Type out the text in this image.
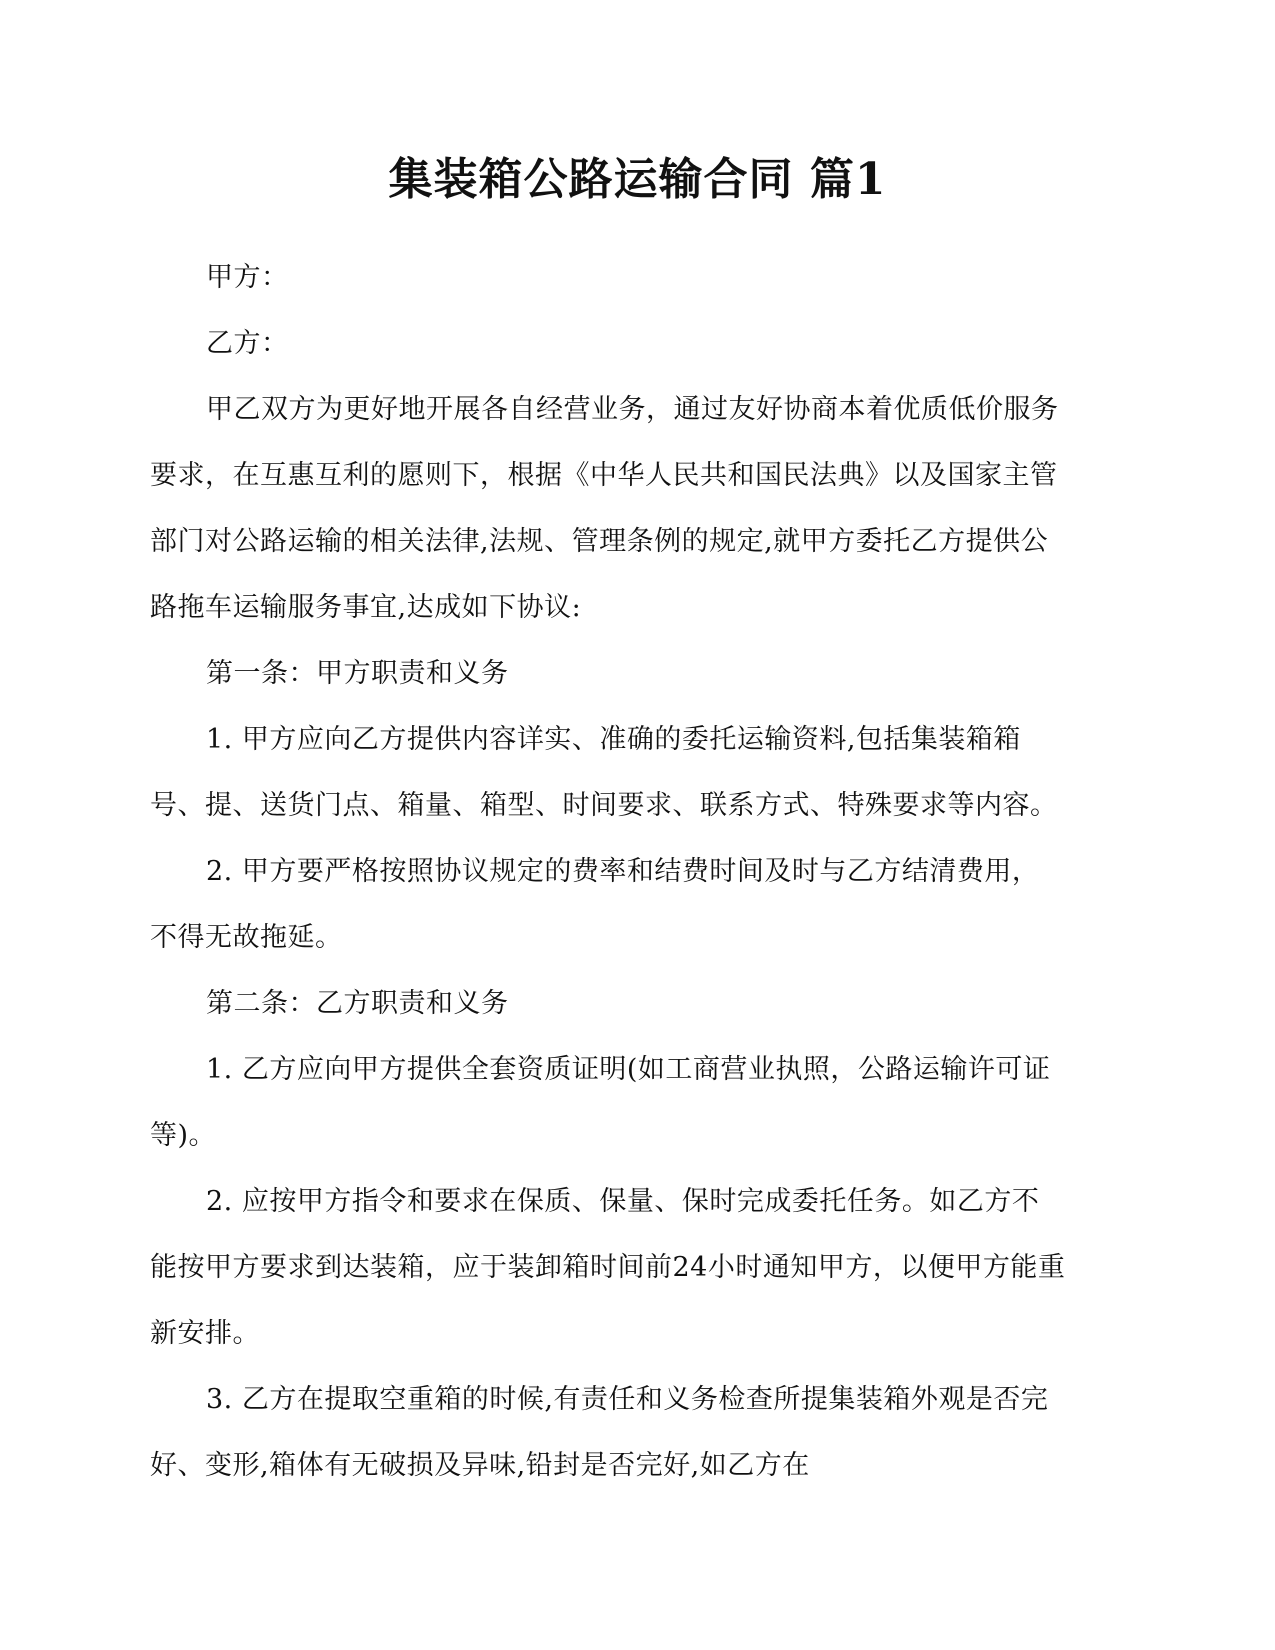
集装箱公路运输合同 篇1

甲方：

乙方：

甲乙双方为更好地开展各自经营业务，通过友好协商本着优质低价服务
要求，在互惠互利的愿则下，根据《中华人民共和国民法典》以及国家主管
部门对公路运输的相关法律,法规、管理条例的规定,就甲方委托乙方提供公
路拖车运输服务事宜,达成如下协议:

第一条：甲方职责和义务

1. 甲方应向乙方提供内容详实、准确的委托运输资料,包括集装箱箱
号、提、送货门点、箱量、箱型、时间要求、联系方式、特殊要求等内容。

2. 甲方要严格按照协议规定的费率和结费时间及时与乙方结清费用，
不得无故拖延。

第二条：乙方职责和义务

1. 乙方应向甲方提供全套资质证明(如工商营业执照，公路运输许可证
等)。

2. 应按甲方指令和要求在保质、保量、保时完成委托任务。如乙方不
能按甲方要求到达装箱，应于装卸箱时间前24小时通知甲方，以便甲方能重
新安排。

3. 乙方在提取空重箱的时候,有责任和义务检查所提集装箱外观是否完
好、变形,箱体有无破损及异味,铅封是否完好,如乙方在
